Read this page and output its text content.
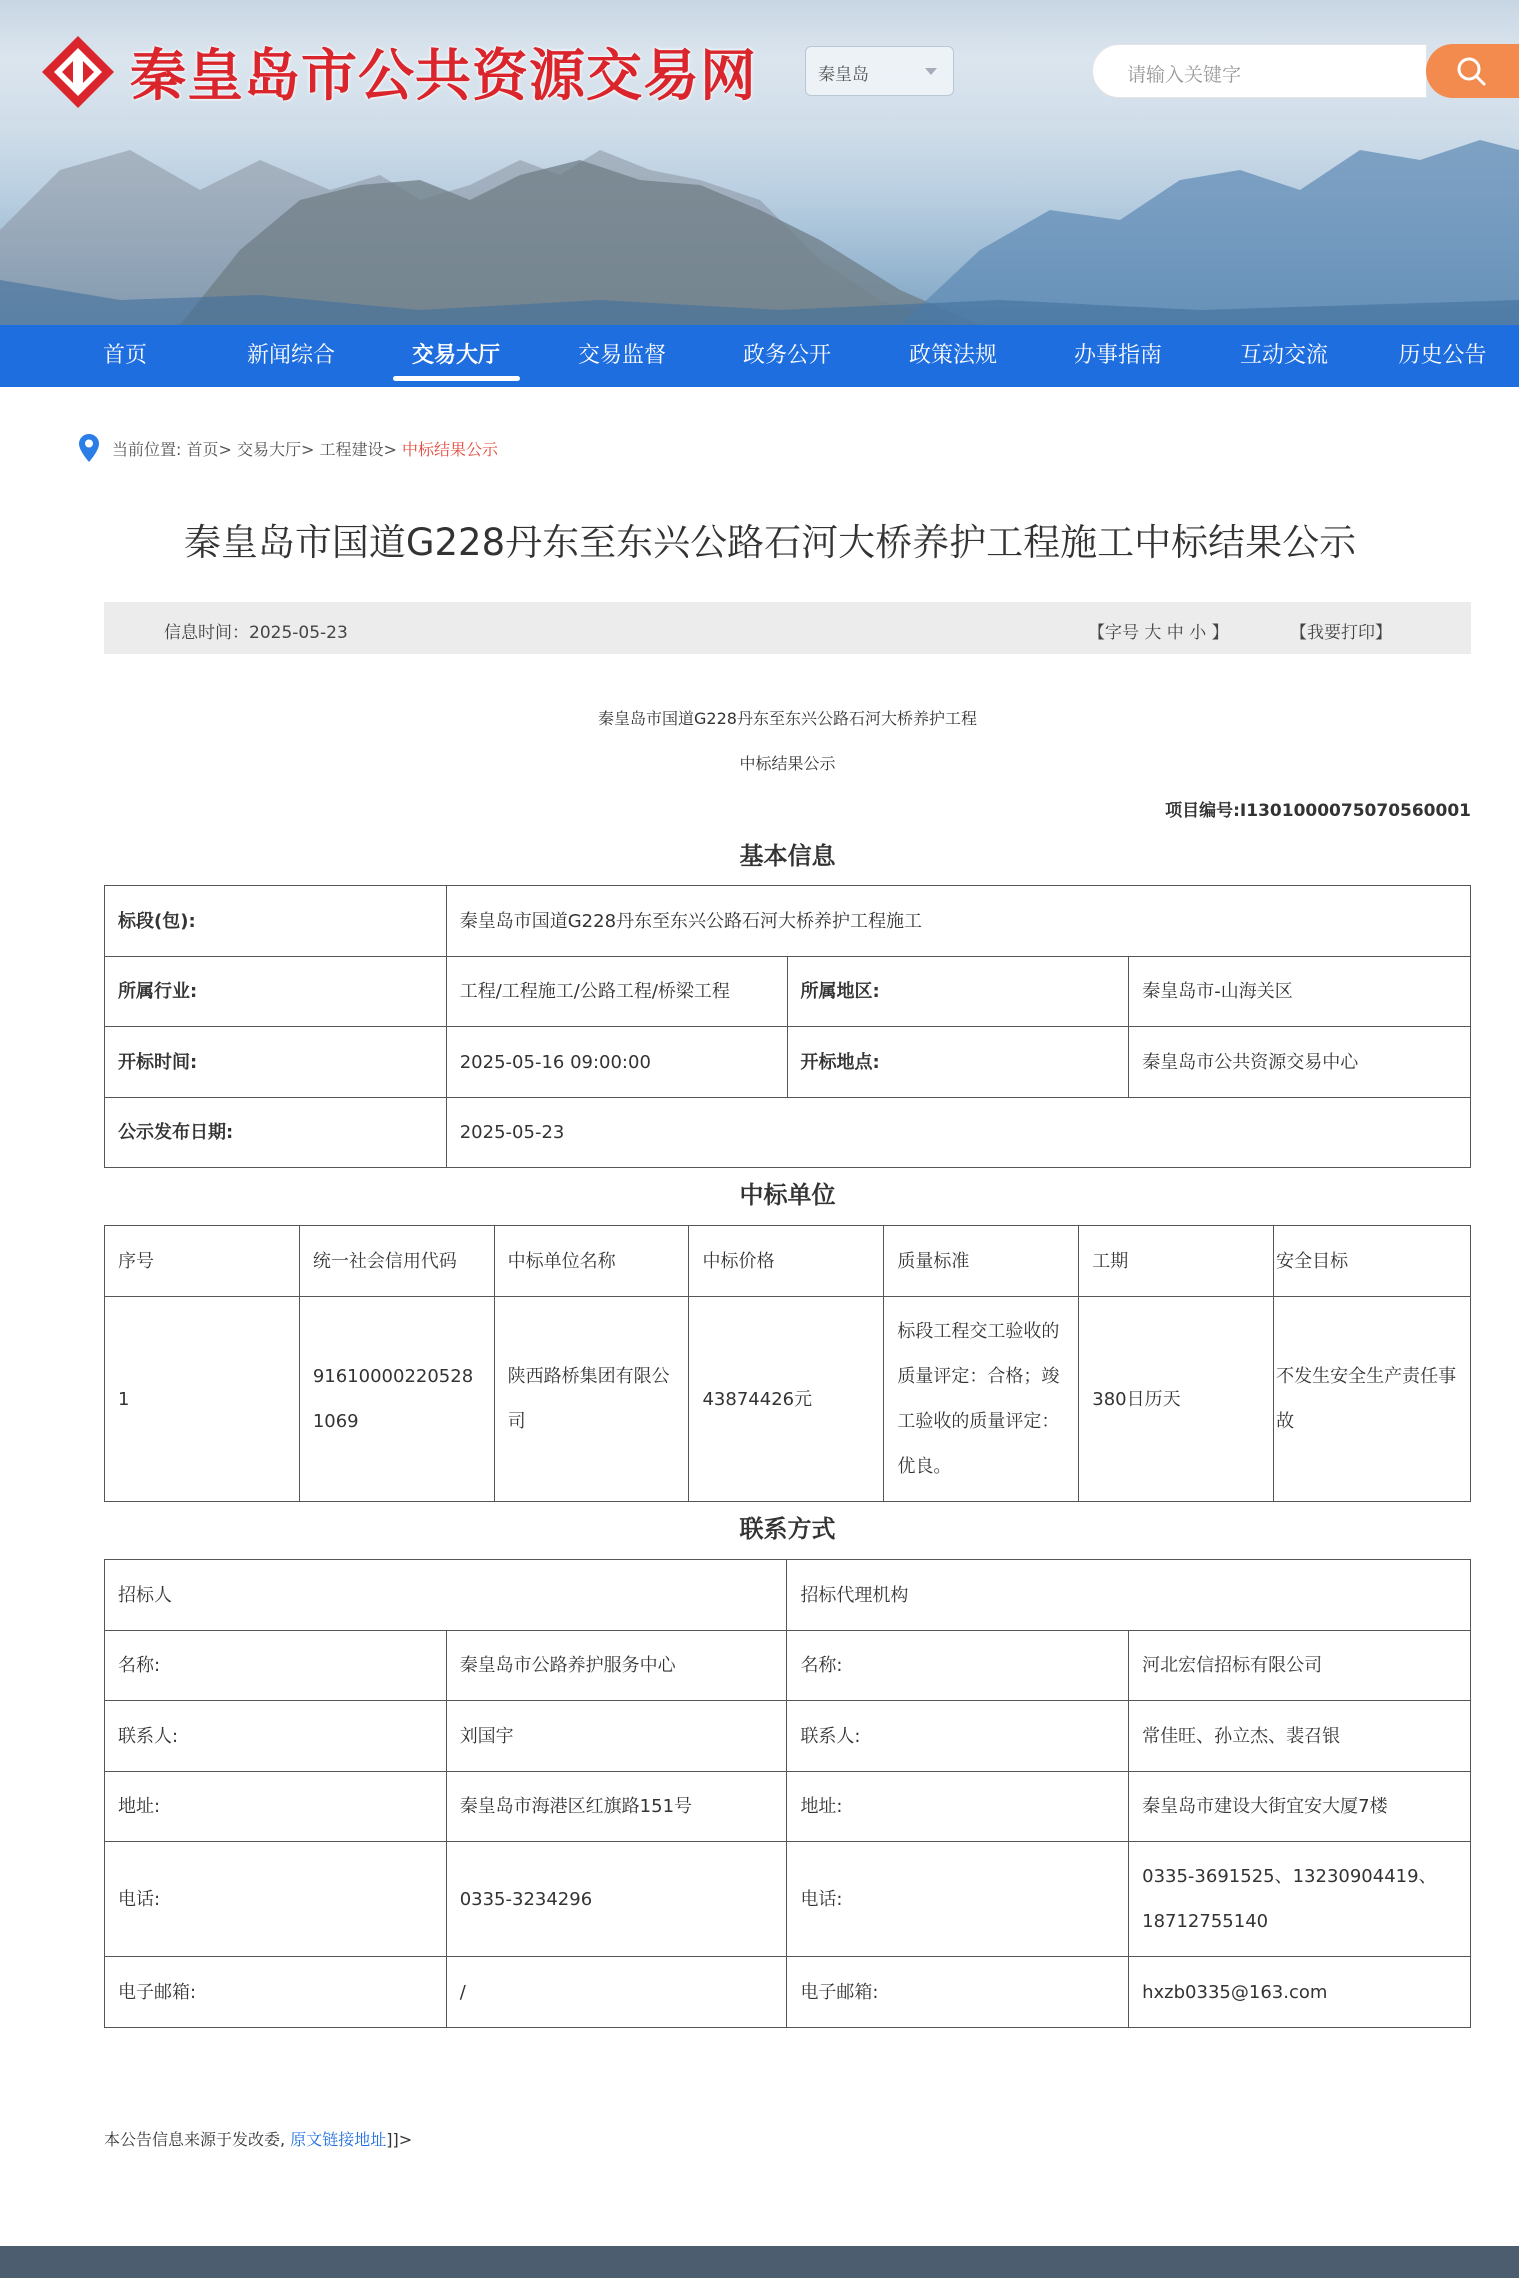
秦皇岛市公共资源交易网	秦皇岛	请输入关键字
首页	新闻综合	交易大厅	交易监督	政务公开	政策法规	办事指南	互动交流	历史公告
当前位置:
首页>
交易大厅>
工程建设>
中标结果公示
秦皇岛市国道G228丹东至东兴公路石河大桥养护工程施工中标结果公示
信息时间：2025-05-23	【字号 大 中 小 】	【我要打印】
秦皇岛市国道G228丹东至东兴公路石河大桥养护工程
中标结果公示
项目编号:I1301000075070560001
基本信息
标段(包):	秦皇岛市国道G228丹东至东兴公路石河大桥养护工程施工		
所属行业:	工程/工程施工/公路工程/桥梁工程	所属地区:	秦皇岛市-山海关区
开标时间:	2025-05-16 09:00:00	开标地点:	秦皇岛市公共资源交易中心
公示发布日期:	2025-05-23		
中标单位
序号	统一社会信用代码	中标单位名称	中标价格	质量标准	工期	安全目标
1	916100002205281069	陕西路桥集团有限公司	43874426元	标段工程交工验收的质量评定：合格；竣工验收的质量评定：优良。	380日历天	不发生安全生产责任事故
联系方式
招标人		招标代理机构	
名称:	秦皇岛市公路养护服务中心	名称:	河北宏信招标有限公司
联系人:	刘国宇	联系人:	常佳旺、孙立杰、裴召银
地址:	秦皇岛市海港区红旗路151号	地址:	秦皇岛市建设大街宜安大厦7楼
电话:	0335-3234296	电话:	0335-3691525、13230904419、18712755140
电子邮箱:	/	电子邮箱:	hxzb0335@163.com
本公告信息来源于发改委, 原文链接地址]]>
